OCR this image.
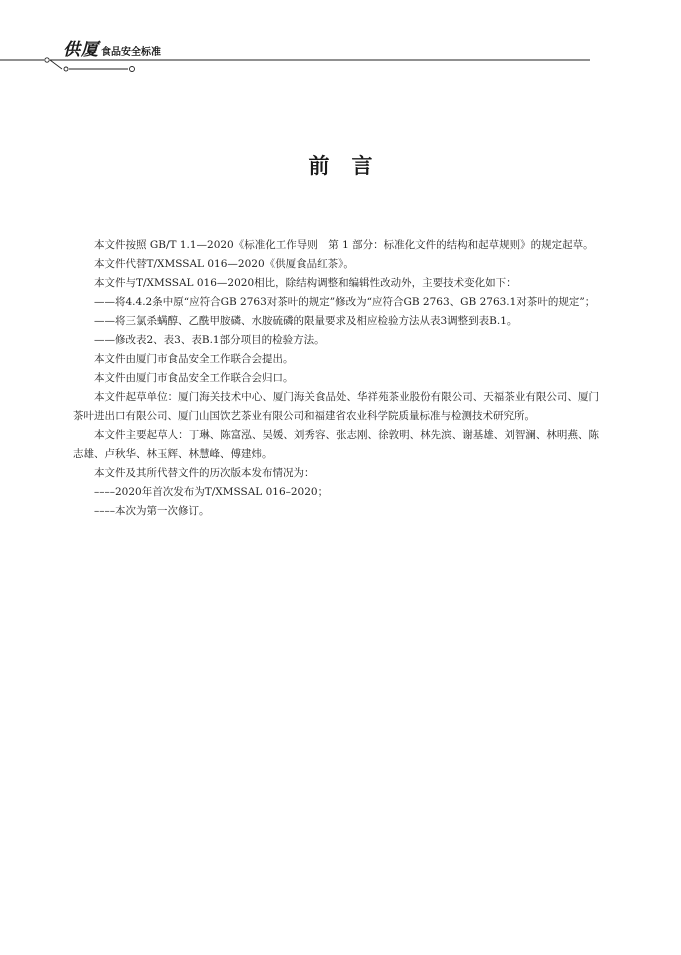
供厦 食品安全标准
前言

本文件按照 GB/T 1.1—2020《标准化工作导则　第 1 部分：标准化文件的结构和起草规则》的规定起草。

本文件代替T/XMSSAL 016—2020《供厦食品红茶》。

本文件与T/XMSSAL 016—2020相比，除结构调整和编辑性改动外，主要技术变化如下：

——将4.4.2条中原“应符合GB 2763对茶叶的规定”修改为“应符合GB 2763、GB 2763.1对茶叶的规定”；

——将三氯杀螨醇、乙酰甲胺磷、水胺硫磷的限量要求及相应检验方法从表3调整到表B.1。

——修改表2、表3、表B.1部分项目的检验方法。

本文件由厦门市食品安全工作联合会提出。

本文件由厦门市食品安全工作联合会归口。

本文件起草单位：厦门海关技术中心、厦门海关食品处、华祥苑茶业股份有限公司、天福茶业有限公司、厦门茶叶进出口有限公司、厦门山国饮艺茶业有限公司和福建省农业科学院质量标准与检测技术研究所。

本文件主要起草人：丁琳、陈富泓、吴媛、刘秀容、张志刚、徐敦明、林先滨、谢基雄、刘智澜、林明燕、陈志雄、卢秋华、林玉辉、林慧峰、傅建炜。

本文件及其所代替文件的历次版本发布情况为：

––––2020年首次发布为T/XMSSAL 016–2020；

––––本次为第一次修订。
